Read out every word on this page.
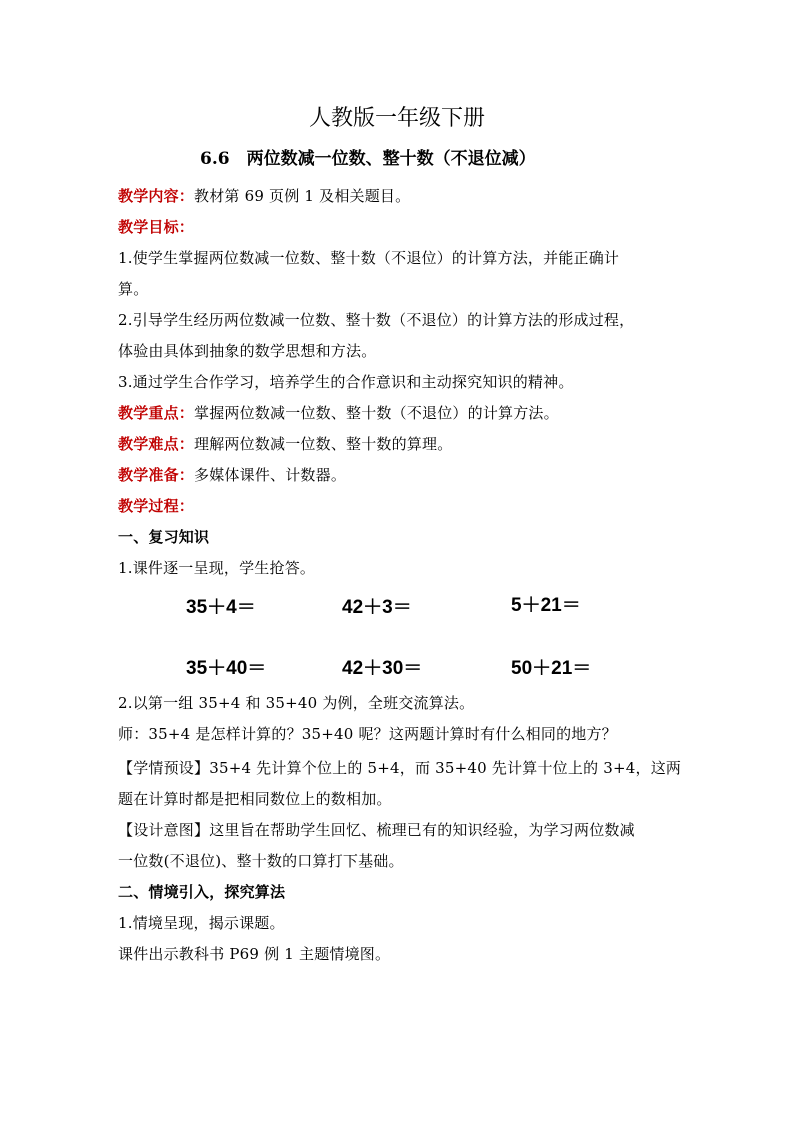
人教版一年级下册
6.6　两位数减一位数、整十数（不退位减）
教学内容：教材第 69 页例 1 及相关题目。
教学目标：
1.使学生掌握两位数减一位数、整十数（不退位）的计算方法，并能正确计
算。
2.引导学生经历两位数减一位数、整十数（不退位）的计算方法的形成过程，
体验由具体到抽象的数学思想和方法。
3.通过学生合作学习，培养学生的合作意识和主动探究知识的精神。
教学重点：掌握两位数减一位数、整十数（不退位）的计算方法。
教学难点：理解两位数减一位数、整十数的算理。
教学准备：多媒体课件、计数器。
教学过程：
一、复习知识
1.课件逐一呈现，学生抢答。
35＋4＝	42＋3＝	5＋21＝
35＋40＝	42＋30＝	50＋21＝
2.以第一组 35+4 和 35+40 为例，全班交流算法。
师：35+4 是怎样计算的？35+40 呢？这两题计算时有什么相同的地方？
【学情预设】35+4 先计算个位上的 5+4，而 35+40 先计算十位上的 3+4，这两
题在计算时都是把相同数位上的数相加。
【设计意图】这里旨在帮助学生回忆、梳理已有的知识经验，为学习两位数减
一位数(不退位)、整十数的口算打下基础。
二、情境引入，探究算法
1.情境呈现，揭示课题。
课件出示教科书 P69 例 1 主题情境图。
